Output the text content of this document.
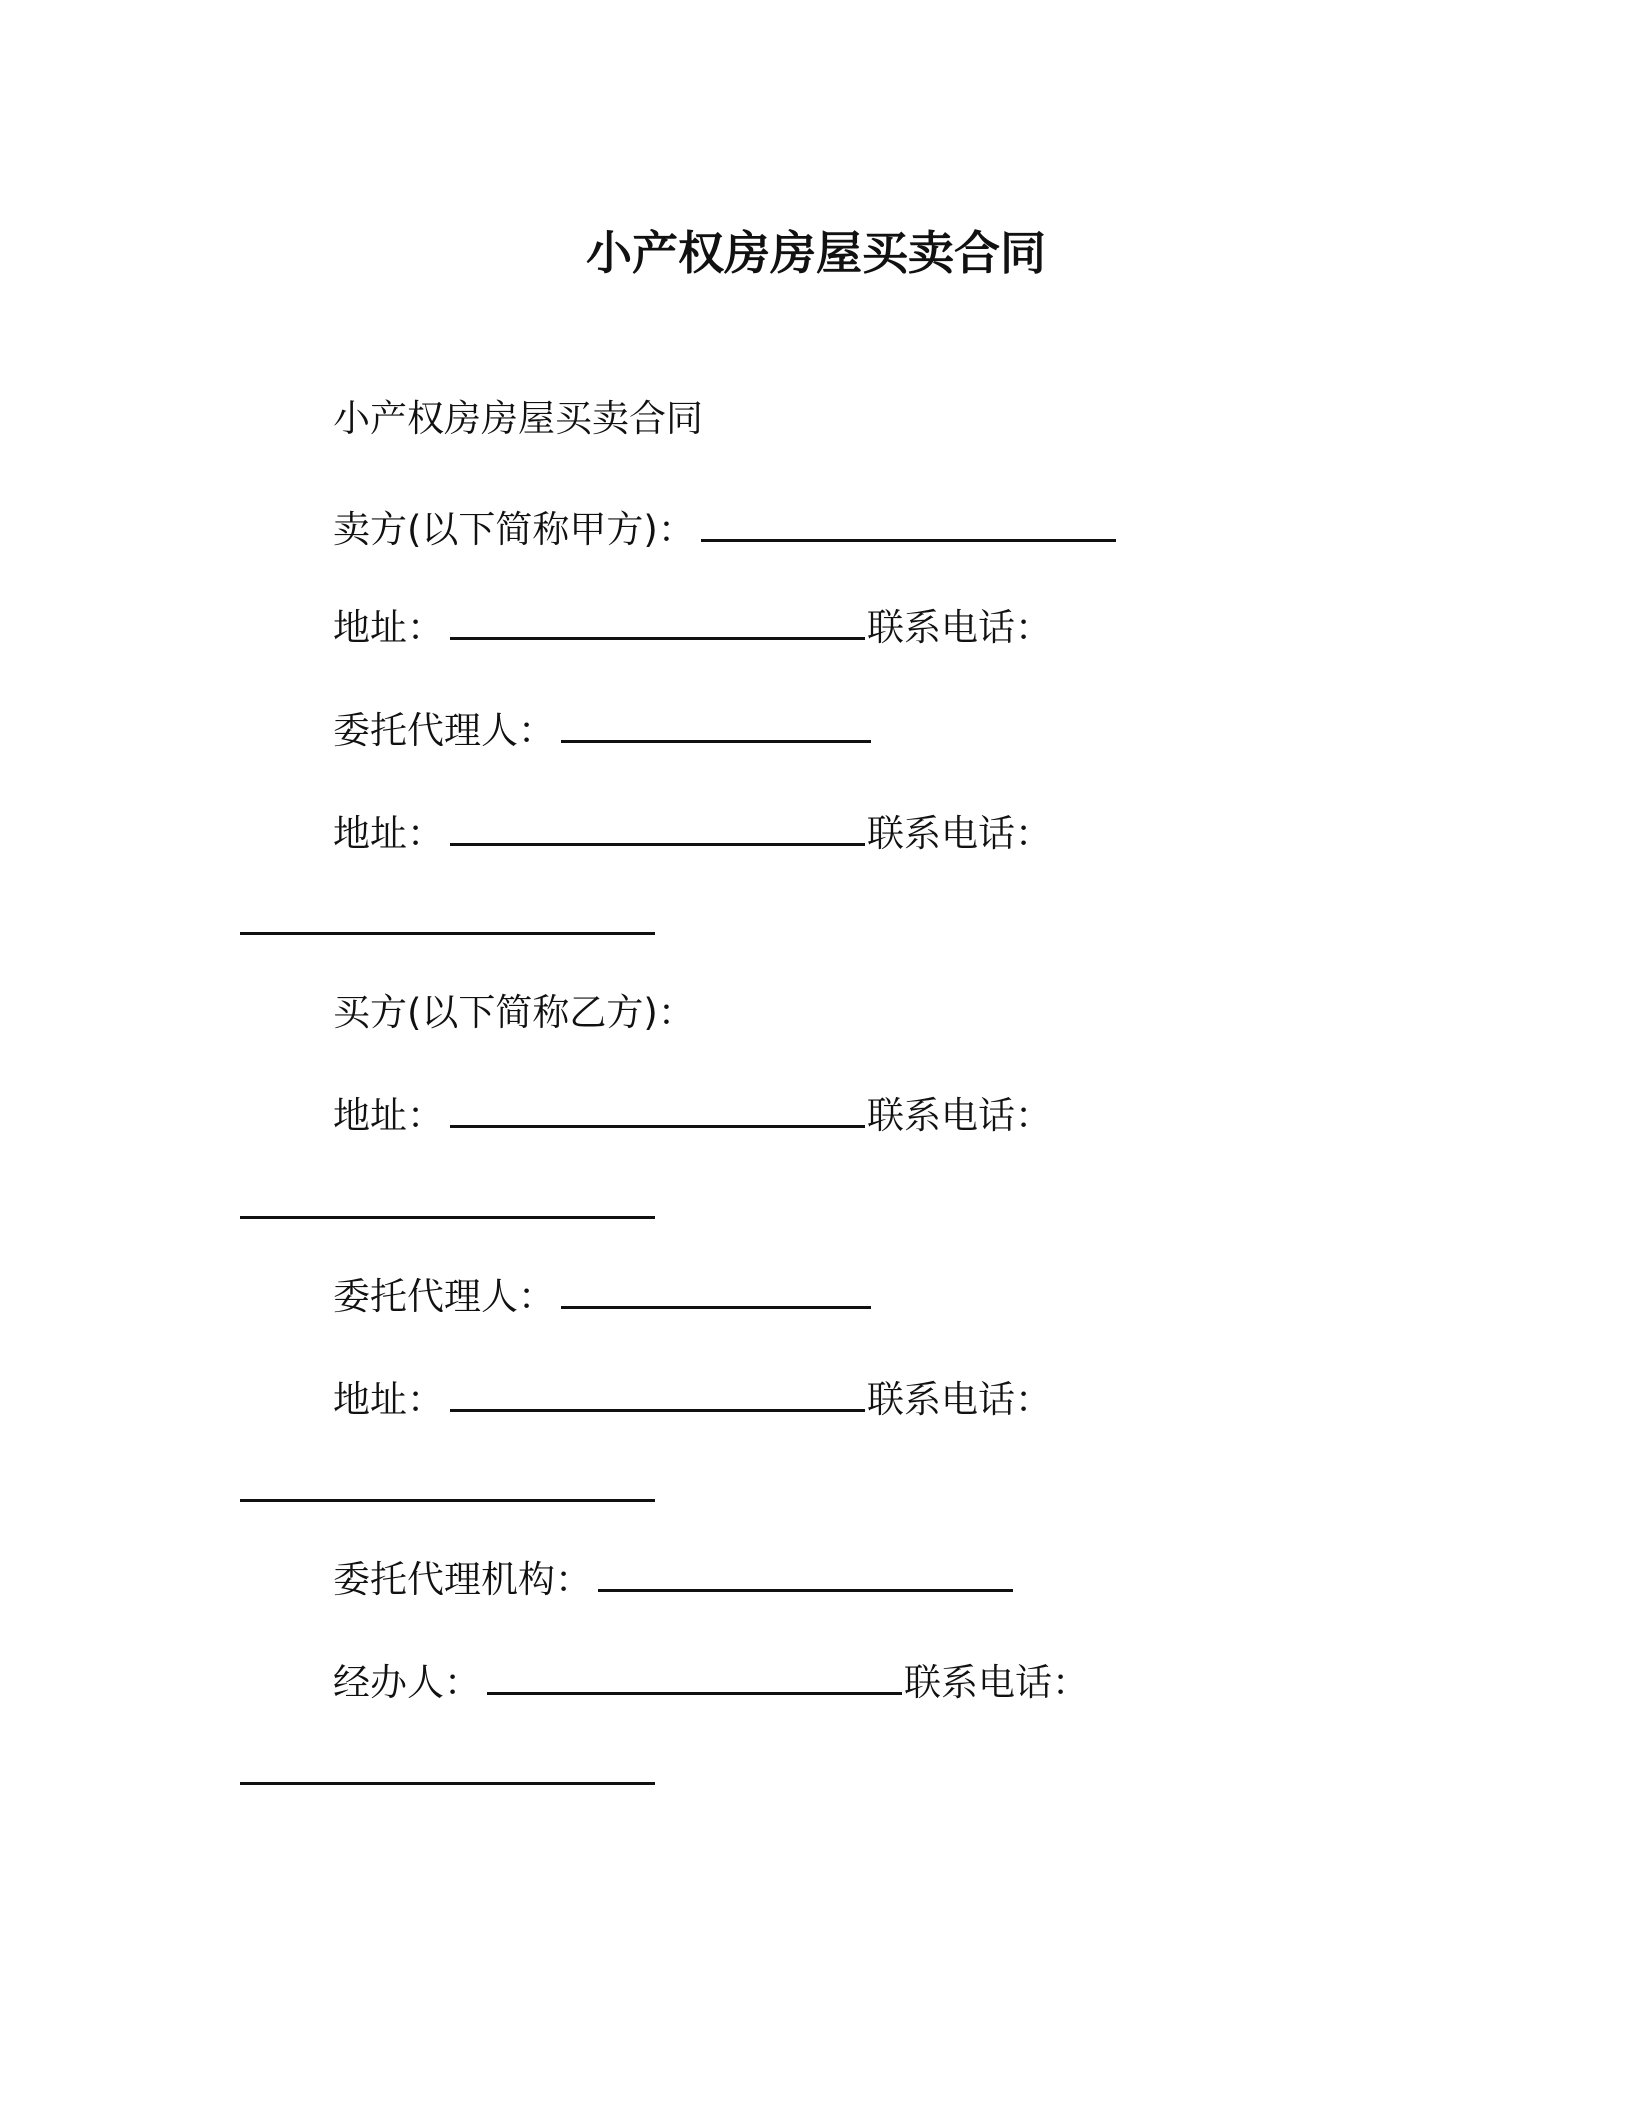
小产权房房屋买卖合同

小产权房房屋买卖合同

卖方(以下简称甲方)：

地址：	联系电话：

委托代理人：

地址：	联系电话：

买方(以下简称乙方)：

地址：	联系电话：

委托代理人：

地址：	联系电话：

委托代理机构：

经办人：	联系电话：
